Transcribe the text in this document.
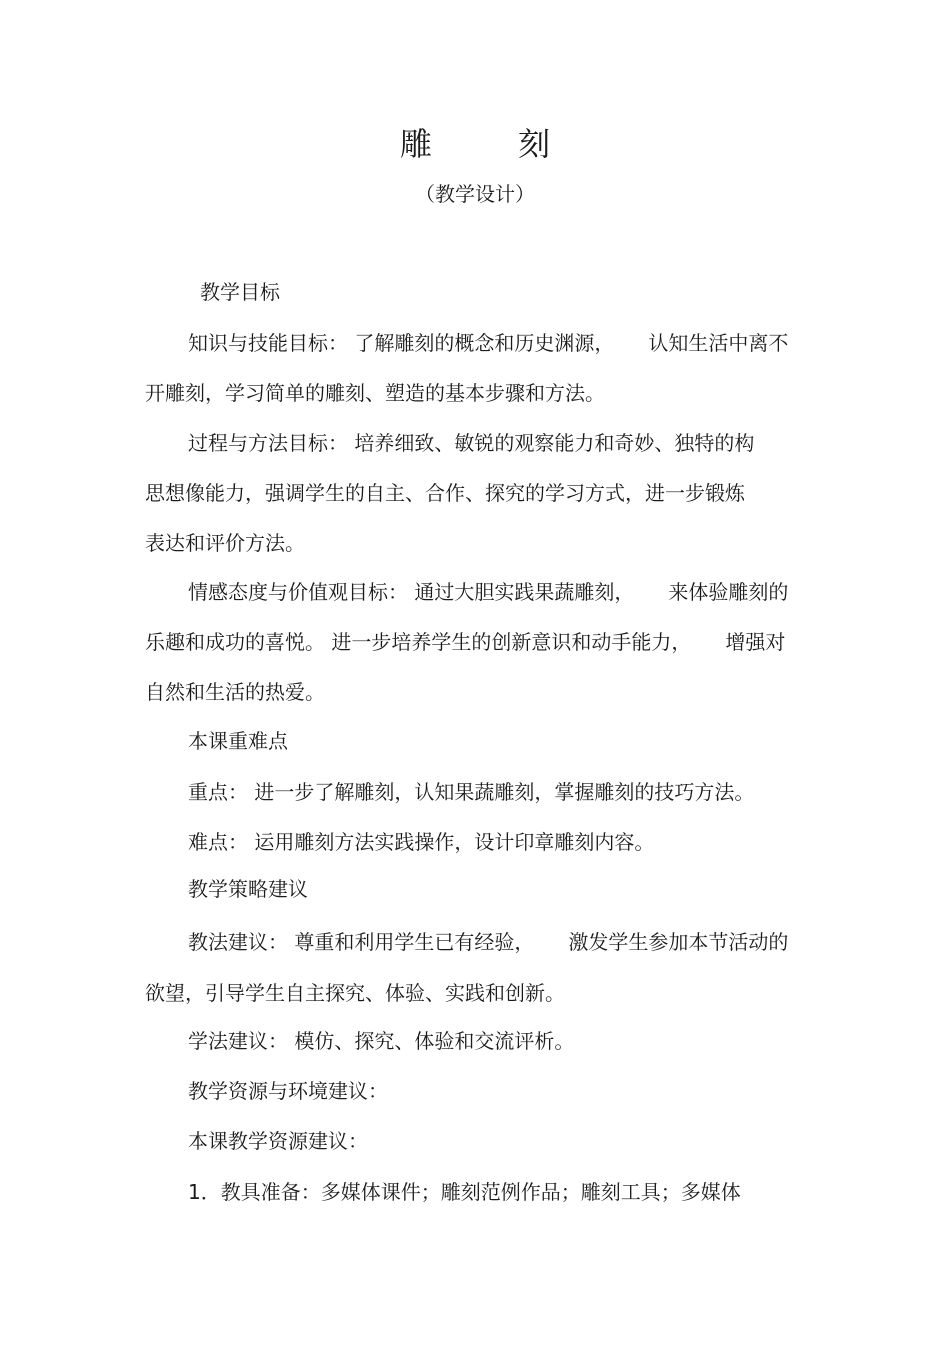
雕 刻
（教学设计）
教学目标
知识与技能目标： 了解雕刻的概念和历史渊源， 认知生活中离不
开雕刻，学习简单的雕刻、塑造的基本步骤和方法。
过程与方法目标： 培养细致、敏锐的观察能力和奇妙、独特的构
思想像能力，强调学生的自主、合作、探究的学习方式，进一步锻炼
表达和评价方法。
情感态度与价值观目标： 通过大胆实践果蔬雕刻， 来体验雕刻的
乐趣和成功的喜悦。 进一步培养学生的创新意识和动手能力， 增强对
自然和生活的热爱。
本课重难点
重点： 进一步了解雕刻，认知果蔬雕刻，掌握雕刻的技巧方法。
难点： 运用雕刻方法实践操作，设计印章雕刻内容。
教学策略建议
教法建议： 尊重和利用学生已有经验， 激发学生参加本节活动的
欲望，引导学生自主探究、体验、实践和创新。
学法建议： 模仿、探究、体验和交流评析。
教学资源与环境建议：
本课教学资源建议：
1．教具准备：多媒体课件；雕刻范例作品；雕刻工具；多媒体
